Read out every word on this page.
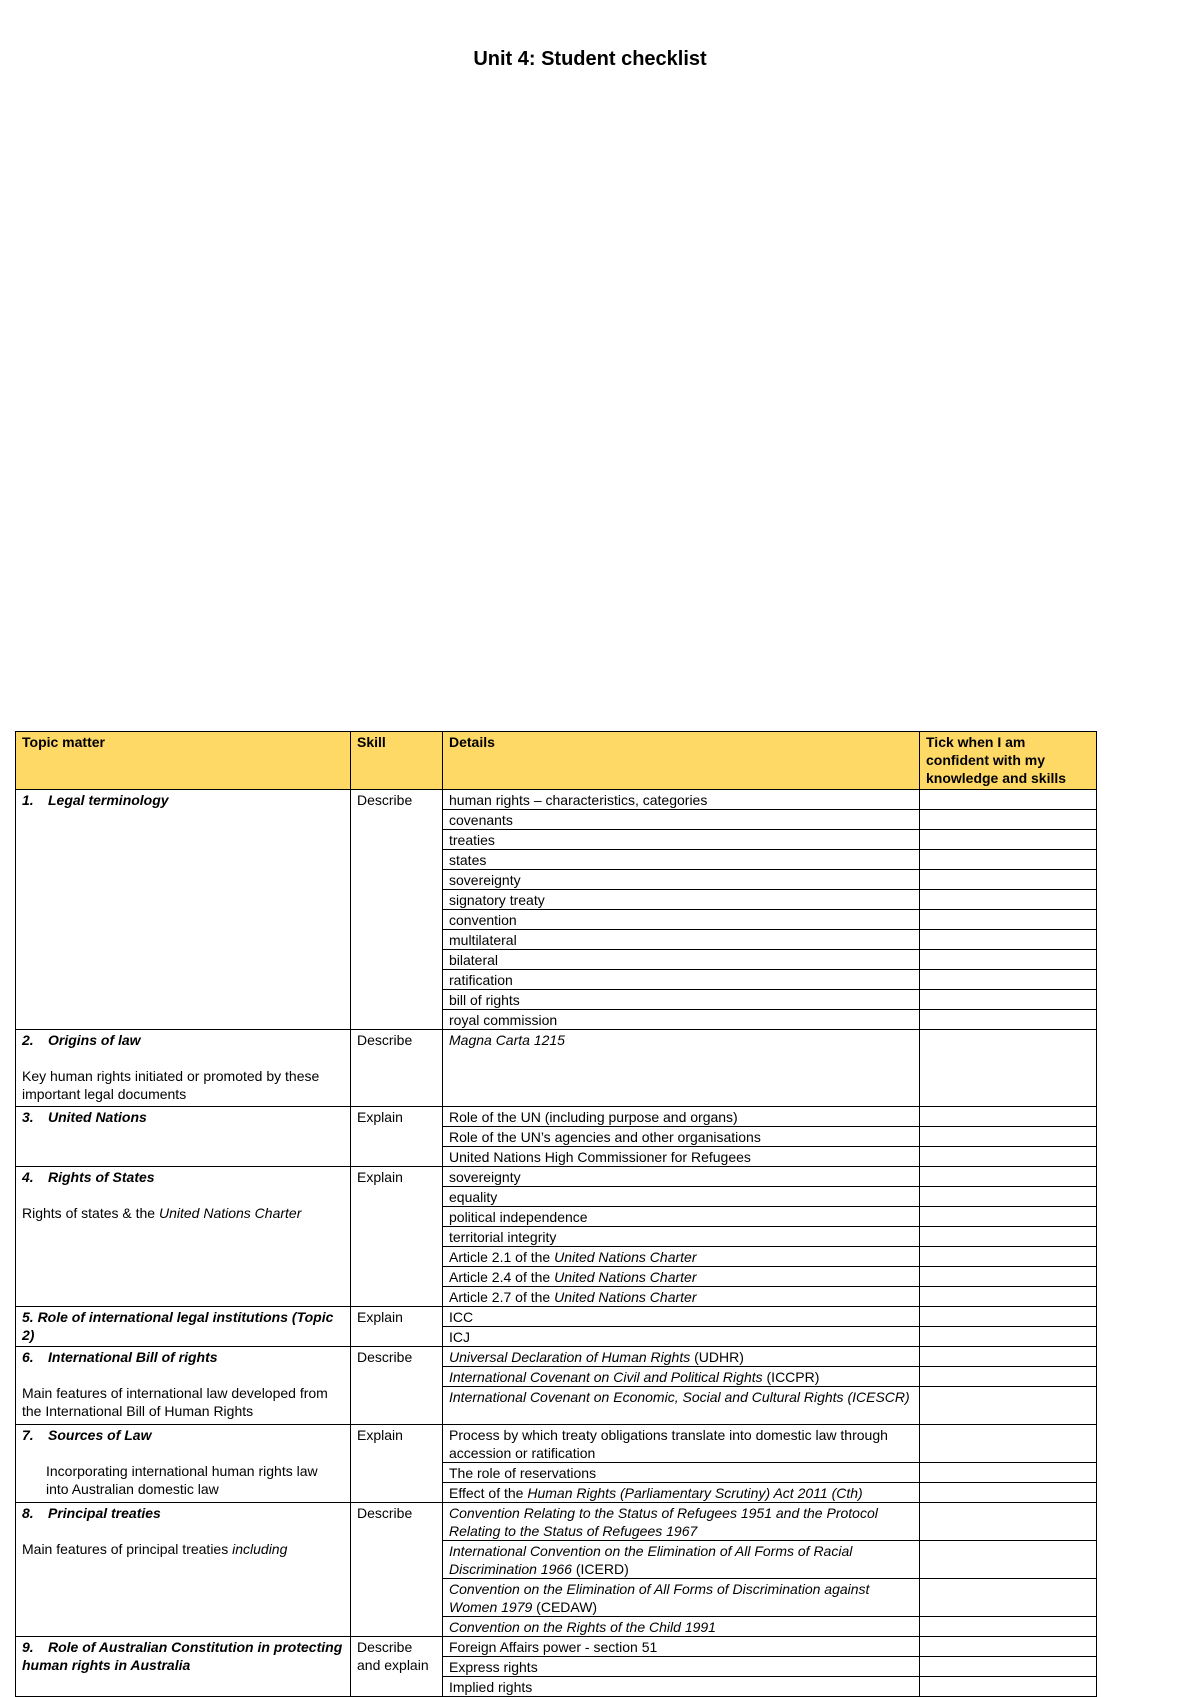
Unit 4: Student checklist
Topic matter	Skill	Details	Tick when I am confident with my knowledge and skills

1. Legal terminology	Describe	human rights – characteristics, categories	
		covenants	
		treaties	
		states	
		sovereignty	
		signatory treaty	
		convention	
		multilateral	
		bilateral	
		ratification	
		bill of rights	
		royal commission	

2. Origins of law
Key human rights initiated or promoted by these important legal documents	Describe	Magna Carta 1215	

3. United Nations	Explain	Role of the UN (including purpose and organs)	
		Role of the UN’s agencies and other organisations	
		United Nations High Commissioner for Refugees	

4. Rights of States
Rights of states & the United Nations Charter	Explain	sovereignty	
		equality	
		political independence	
		territorial integrity	
		Article 2.1 of the United Nations Charter	
		Article 2.4 of the United Nations Charter	
		Article 2.7 of the United Nations Charter	

5. Role of international legal institutions (Topic 2)	Explain	ICC	
		ICJ	

6. International Bill of rights
Main features of international law developed from the International Bill of Human Rights	Describe	Universal Declaration of Human Rights (UDHR)	
		International Covenant on Civil and Political Rights (ICCPR)	
		International Covenant on Economic, Social and Cultural Rights (ICESCR)	

7. Sources of Law
Incorporating international human rights law into Australian domestic law	Explain	Process by which treaty obligations translate into domestic law through accession or ratification	
		The role of reservations	
		Effect of the Human Rights (Parliamentary Scrutiny) Act 2011 (Cth)	

8. Principal treaties
Main features of principal treaties including	Describe	Convention Relating to the Status of Refugees 1951 and the Protocol Relating to the Status of Refugees 1967	
		International Convention on the Elimination of All Forms of Racial Discrimination 1966 (ICERD)	
		Convention on the Elimination of All Forms of Discrimination against Women 1979 (CEDAW)	
		Convention on the Rights of the Child 1991	

9. Role of Australian Constitution in protecting human rights in Australia	Describe and explain	Foreign Affairs power - section 51	
		Express rights	
		Implied rights	
